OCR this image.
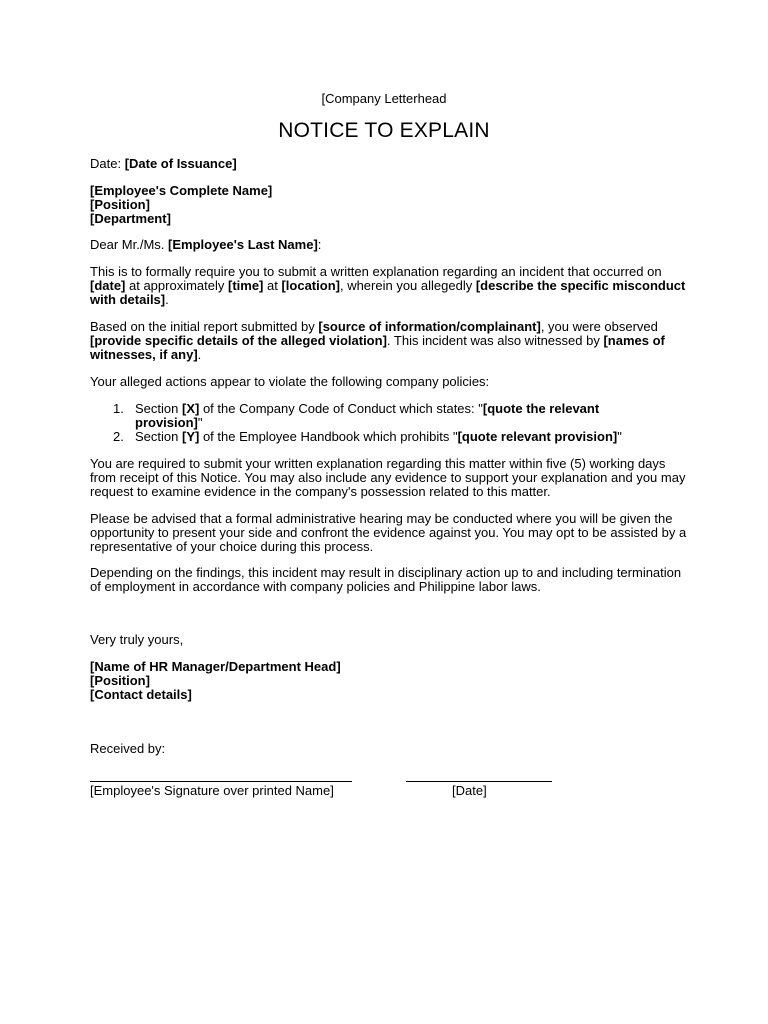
[Company Letterhead
NOTICE TO EXPLAIN
Date: [Date of Issuance]

[Employee's Complete Name]

[Position]

[Department]

Dear Mr./Ms. [Employee's Last Name]:
This is to formally require you to submit a written explanation regarding an incident that occurred on [date] at approximately [time] at [location], wherein you allegedly [describe the specific misconduct with details].
Based on the initial report submitted by [source of information/complainant], you were observed [provide specific details of the alleged violation]. This incident was also witnessed by [names of witnesses, if any].
Your alleged actions appear to violate the following company policies:
1. Section [X] of the Company Code of Conduct which states: "[quote the relevant provision]"
2. Section [Y] of the Employee Handbook which prohibits "[quote relevant provision]"
You are required to submit your written explanation regarding this matter within five (5) working days from receipt of this Notice. You may also include any evidence to support your explanation and you may request to examine evidence in the company's possession related to this matter.
Please be advised that a formal administrative hearing may be conducted where you will be given the opportunity to present your side and confront the evidence against you. You may opt to be assisted by a representative of your choice during this process.
Depending on the findings, this incident may result in disciplinary action up to and including termination of employment in accordance with company policies and Philippine labor laws.
Very truly yours,

[Name of HR Manager/Department Head]

[Position]

[Contact details]

Received by:
[Employee's Signature over printed Name]	[Date]
